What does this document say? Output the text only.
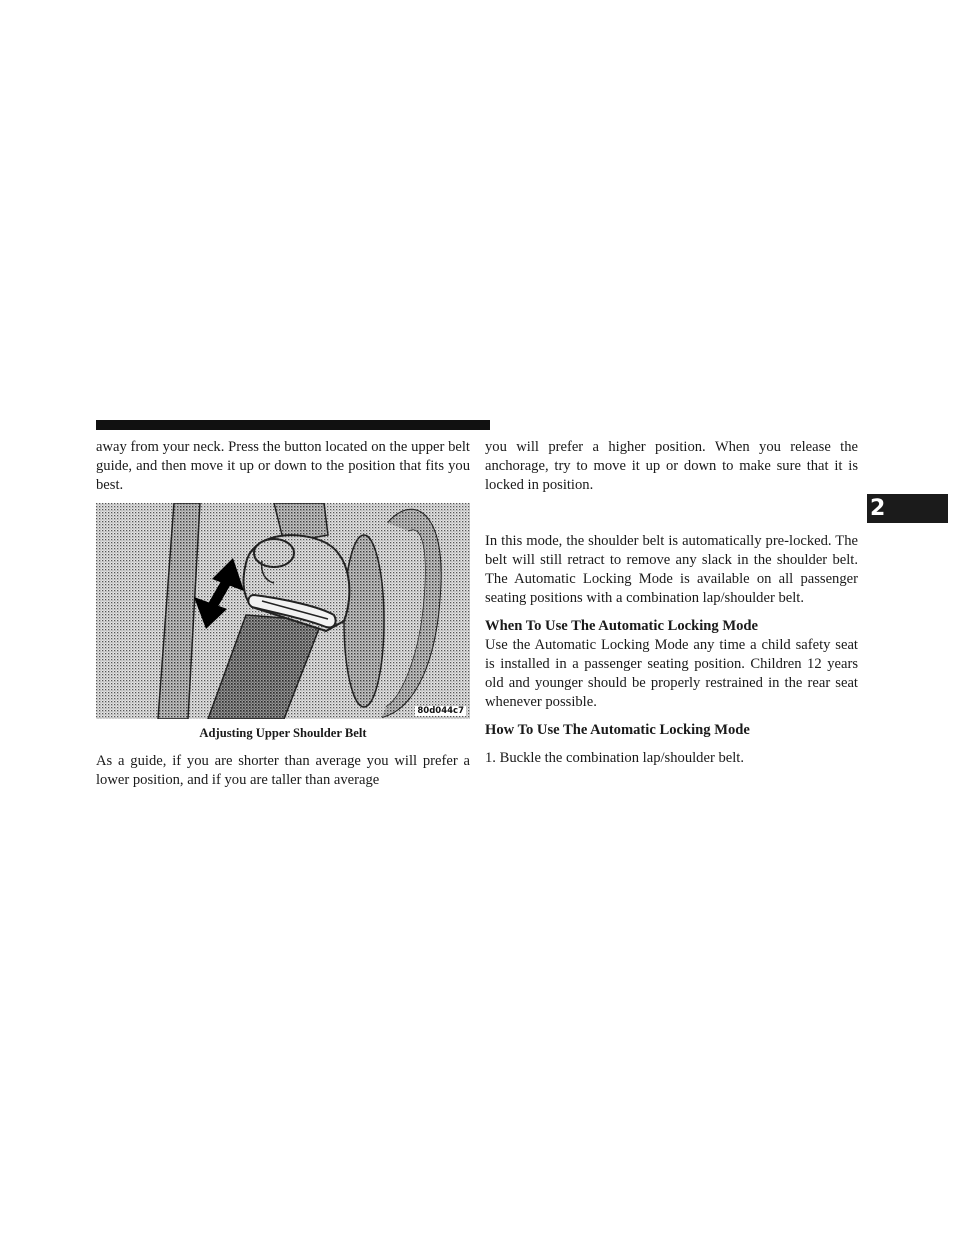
away from your neck. Press the button located on the upper belt guide, and then move it up or down to the position that fits you best.

80d044c7
Adjusting Upper Shoulder Belt

As a guide, if you are shorter than average you will prefer a lower position, and if you are taller than average

you will prefer a higher position. When you release the anchorage, try to move it up or down to make sure that it is locked in position.

In this mode, the shoulder belt is automatically pre-locked. The belt will still retract to remove any slack in the shoulder belt. The Automatic Locking Mode is available on all passenger seating positions with a combination lap/shoulder belt.

When To Use The Automatic Locking Mode

Use the Automatic Locking Mode any time a child safety seat is installed in a passenger seating position. Children 12 years old and younger should be properly restrained in the rear seat whenever possible.

How To Use The Automatic Locking Mode

1. Buckle the combination lap/shoulder belt.

2
